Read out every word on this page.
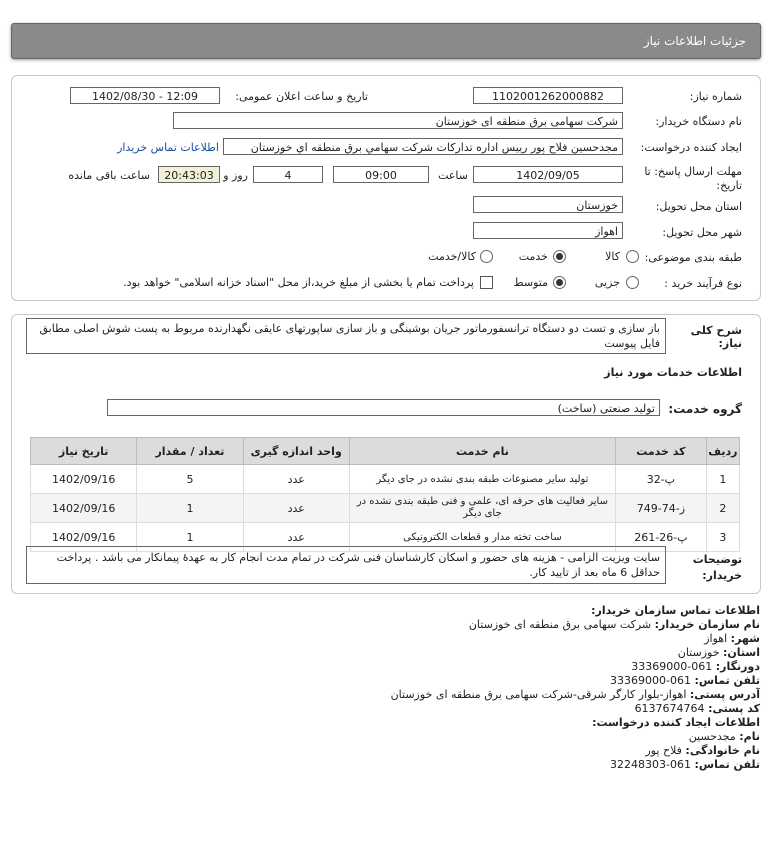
جزئیات اطلاعات نیاز
شماره نیاز:
1102001262000882
تاریخ و ساعت اعلان عمومی:
1402/08/30 - 12:09
نام دستگاه خریدار:
شرکت سهامی برق منطقه ای خوزستان
ایجاد کننده درخواست:
مجدحسین فلاح پور رییس اداره تداركات شركت سهامي برق منطقه اي خوزستان
اطلاعات تماس خریدار
مهلت ارسال پاسخ: تا
تاریخ:
1402/09/05
ساعت
09:00
4
روز و
20:43:03
ساعت باقی مانده
استان محل تحویل:
خوزستان
شهر محل تحویل:
اهواز
طبقه بندی موضوعی:
کالا
خدمت
کالا/خدمت
نوع فرآیند خرید :
جزیی
متوسط
پرداخت تمام یا بخشی از مبلغ خرید،از محل "اسناد خزانه اسلامی" خواهد بود.
شرح کلی نیاز:
باز سازی و تست دو دستگاه ترانسفورماتور جریان بوشینگی و باز سازی ساپورتهای عایقی نگهدارنده مربوط به پست شوش اصلی مطابق فایل پیوست
اطلاعات خدمات مورد نیاز
گروه خدمت:
تولید صنعتی (ساخت)
ردیف	کد خدمت	نام خدمت	واحد اندازه گیری	تعداد / مقدار	تاریخ نیاز
1	پ-32	تولید سایر مصنوعات طبقه بندی نشده در جای دیگر	عدد	5	1402/09/16
2	ز-74-749	سایر فعالیت های حرفه ای، علمی و فنی طبقه بندی نشده در جای دیگر	عدد	1	1402/09/16
3	پ-26-261	ساخت تخته مدار و قطعات الکترونیکی	عدد	1	1402/09/16
توضیحات
خریدار:
سایت ویزیت الزامی - هزینه های حضور و اسکان کارشناسان فنی شرکت در تمام مدت انجام کار به عهدهٔ پیمانکار می باشد . پرداخت حداقل 6 ماه بعد از تایید کار.
اطلاعات تماس سازمان خریدار:
نام سازمان خریدار: شرکت سهامی برق منطقه ای خوزستان
شهر: اهواز
استان: خوزستان
دورنگار: 061-33369000
تلفن تماس: 061-33369000
آدرس پستی: اهواز-بلوار کارگر شرقی-شرکت سهامی برق منطقه ای خوزستان
کد پستی: 6137674764
اطلاعات ایجاد کننده درخواست:
نام: مجدحسین
نام خانوادگی: فلاح پور
تلفن تماس: 061-32248303
